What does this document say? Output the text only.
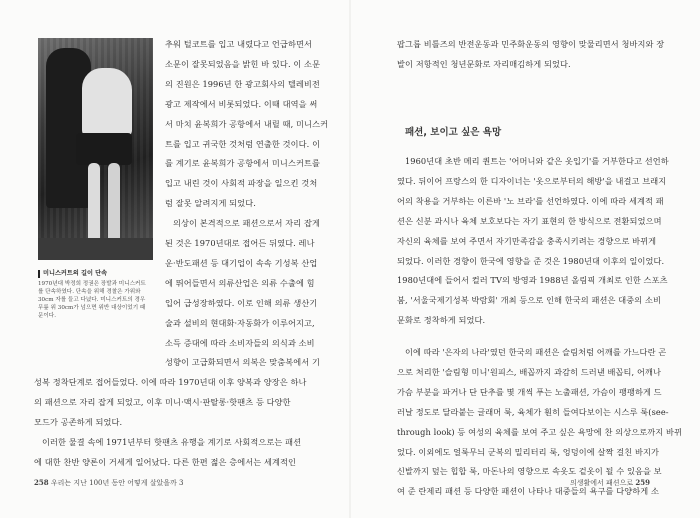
미니스커트의 길이 단속
1970년대 박정희 정권은 장발과 미니스커트를 단속하였다. 단속을 위해 경찰은 가위와 30cm 자를 들고 다녔다. 미니스커트의 경우 무릎 위 30cm가 넘으면 위반 대상이었기 때문이다.
추워 털코트를 입고 내렸다고 언급하면서
소문이 잘못되었음을 밝힌 바 있다. 이 소문
의 진원은 1996년 한 광고회사의 텔레비전
광고 제작에서 비롯되었다. 이때 대역을 써
서 마치 윤복희가 공항에서 내릴 때, 미니스커
트를 입고 귀국한 것처럼 연출한 것이다. 이
를 계기로 윤복희가 공항에서 미니스커트를
입고 내린 것이 사회적 파장을 일으킨 것처
럼 잘못 알려지게 되었다.
의상이 본격적으로 패션으로서 자리 잡게
된 것은 1970년대로 접어든 뒤였다. 레나
운·반도패션 등 대기업이 속속 기성복 산업
에 뛰어들면서 의류산업은 의류 수출에 힘
입어 급성장하였다. 이로 인해 의류 생산기
술과 설비의 현대화·자동화가 이루어지고,
소득 증대에 따라 소비자들의 의식과 소비
성향이 고급화되면서 의복은 맞춤복에서 기
성복 정착단계로 접어들었다. 이에 따라 1970년대 이후 양복과 양장은 하나
의 패션으로 자리 잡게 되었고, 이후 미니·맥시·판탈롱·핫팬츠 등 다양한
모드가 공존하게 되었다.
이러한 물결 속에 1971년부터 핫팬츠 유행을 계기로 사회적으로는 패션
에 대한 찬반 양론이 거세게 일어났다. 다른 한편 젊은 층에서는 세계적인
258 우리는 지난 100년 동안 어떻게 살았을까 3
팝그룹 비틀즈의 반전운동과 민주화운동의 영향이 맞물리면서 청바지와 장
발이 저항적인 청년문화로 자리매김하게 되었다.
패션, 보이고 싶은 욕망
1960년대 초반 메리 퀀트는 '어머니와 같은 옷입기'를 거부한다고 선언하
였다. 뒤이어 프랑스의 한 디자이너는 '옷으로부터의 해방'을 내걸고 브래지
어의 착용을 거부하는 이른바 '노 브라'를 선언하였다. 이에 따라 세계적 패
션은 신분 과시나 육체 보호보다는 자기 표현의 한 방식으로 전환되었으며
자신의 육체를 보여 주면서 자기만족감을 충족시키려는 경향으로 바뀌게
되었다. 이러한 경향이 한국에 영향을 준 것은 1980년대 이후의 일이었다.
1980년대에 들어서 컬러 TV의 방영과 1988년 올림픽 개최로 인한 스포츠
붐, '서울국제기성복 박람회' 개최 등으로 인해 한국의 패션은 대중의 소비
문화로 정착하게 되었다.
이에 따라 '은자의 나라'였던 한국의 패션은 슬림처럼 어깨를 가느다란 곤
으로 처리한 '슬림형 미니'원피스, 배꼽까지 과감히 드러낸 배꼽티, 어깨나
가슴 부분을 파거나 단 단추를 몇 개씩 푸는 노출패션, 가슴이 팽팽하게 드
러날 정도로 달라붙는 글래머 룩, 육체가 훤히 들여다보이는 시스루 룩(see-
through look) 등 여성의 육체를 보여 주고 싶은 욕망에 찬 의상으로까지 바뀌
었다. 이외에도 얼룩무늬 군복의 밀리터리 룩, 엉덩이에 살짝 걸친 바지가
신발까지 덮는 힙합 룩, 마돈나의 영향으로 속옷도 겉옷이 될 수 있음을 보
여 준 란제리 패션 등 다양한 패션이 나타나 대중들의 욕구를 다양하게 소
의생활에서 패션으로 259
